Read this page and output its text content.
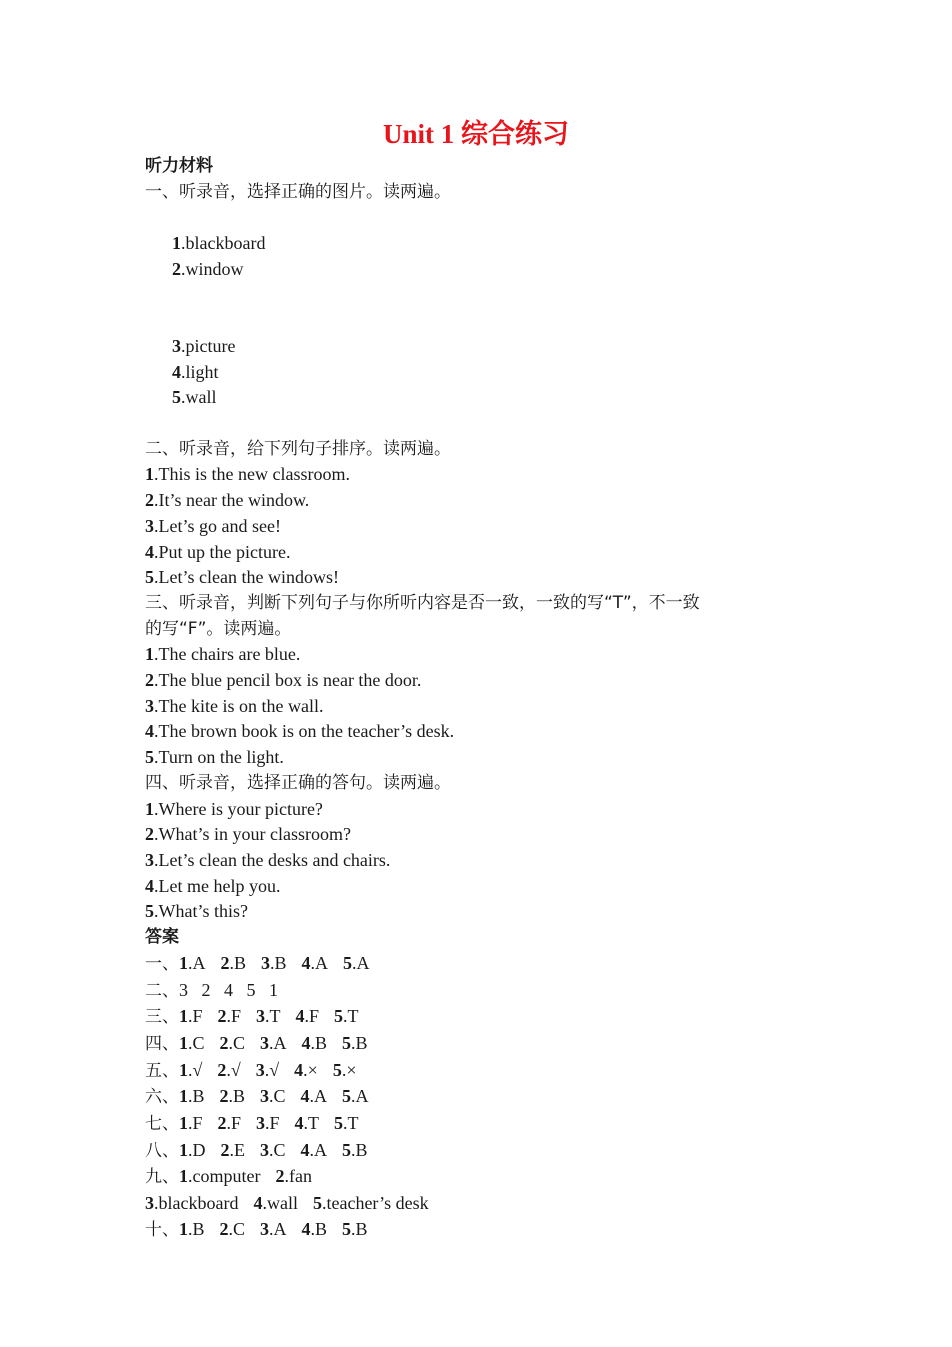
Unit 1 综合练习
听力材料
一、听录音，选择正确的图片。读两遍。

1.blackboard
2.window

3.picture
4.light
5.wall

二、听录音，给下列句子排序。读两遍。
1.This is the new classroom.
2.It’s near the window.
3.Let’s go and see!
4.Put up the picture.
5.Let’s clean the windows!
三、听录音，判断下列句子与你所听内容是否一致，一致的写“T”，不一致
的写“F”。读两遍。
1.The chairs are blue.
2.The blue pencil box is near the door.
3.The kite is on the wall.
4.The brown book is on the teacher’s desk.
5.Turn on the light.
四、听录音，选择正确的答句。读两遍。
1.Where is your picture?
2.What’s in your classroom?
3.Let’s clean the desks and chairs.
4.Let me help you.
5.What’s this?
答案
一、1.A 2.B 3.B 4.A 5.A
二、3   2   4   5   1
三、1.F 2.F 3.T 4.F 5.T
四、1.C 2.C 3.A 4.B 5.B
五、1.√ 2.√ 3.√ 4.× 5.×
六、1.B 2.B 3.C 4.A 5.A
七、1.F 2.F 3.F 4.T 5.T
八、1.D 2.E 3.C 4.A 5.B
九、1.computer 2.fan
3.blackboard 4.wall 5.teacher’s desk
十、1.B 2.C 3.A 4.B 5.B
